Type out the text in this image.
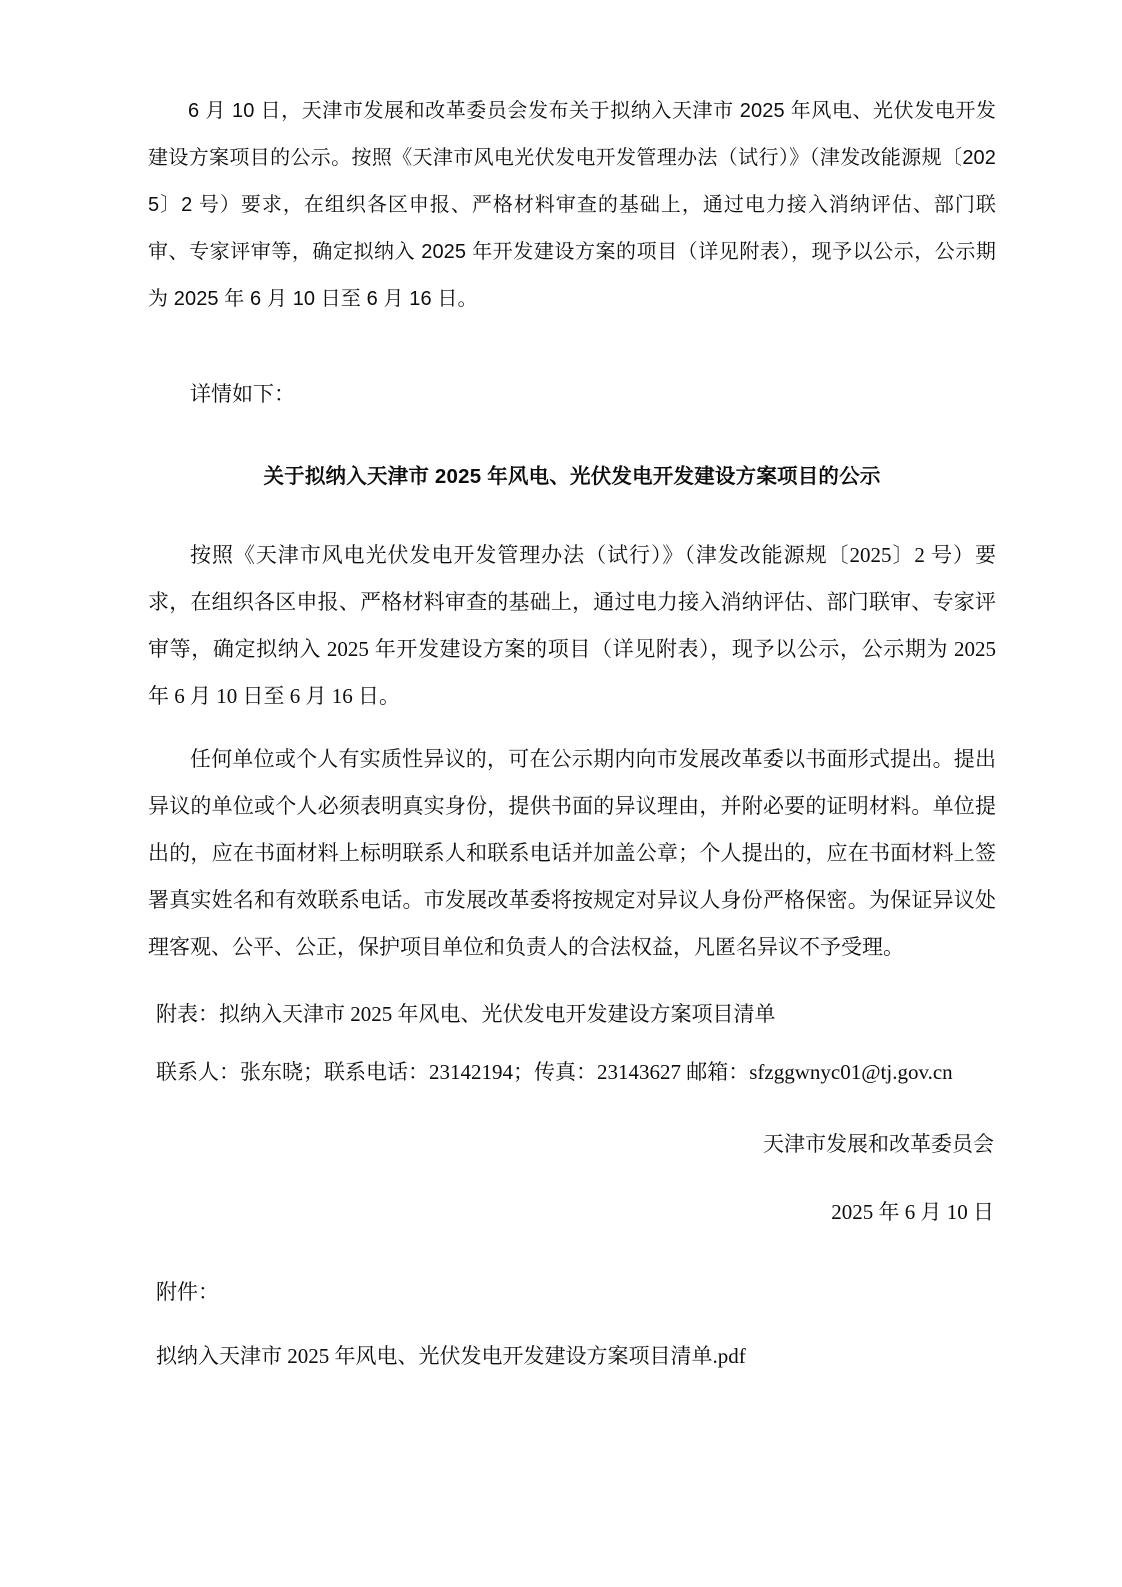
6 月 10 日，天津市发展和改革委员会发布关于拟纳入天津市 2025 年风电、光伏发电开发建设方案项目的公示。按照《天津市风电光伏发电开发管理办法（试行）》（津发改能源规〔2025〕2 号）要求，在组织各区申报、严格材料审查的基础上，通过电力接入消纳评估、部门联审、专家评审等，确定拟纳入 2025 年开发建设方案的项目（详见附表），现予以公示，公示期为 2025 年 6 月 10 日至 6 月 16 日。

详情如下：

关于拟纳入天津市 2025 年风电、光伏发电开发建设方案项目的公示

按照《天津市风电光伏发电开发管理办法（试行）》（津发改能源规〔2025〕2 号）要求，在组织各区申报、严格材料审查的基础上，通过电力接入消纳评估、部门联审、专家评审等，确定拟纳入 2025 年开发建设方案的项目（详见附表），现予以公示，公示期为 2025 年 6 月 10 日至 6 月 16 日。

任何单位或个人有实质性异议的，可在公示期内向市发展改革委以书面形式提出。提出异议的单位或个人必须表明真实身份，提供书面的异议理由，并附必要的证明材料。单位提出的，应在书面材料上标明联系人和联系电话并加盖公章；个人提出的，应在书面材料上签署真实姓名和有效联系电话。市发展改革委将按规定对异议人身份严格保密。为保证异议处理客观、公平、公正，保护项目单位和负责人的合法权益，凡匿名异议不予受理。

附表：拟纳入天津市 2025 年风电、光伏发电开发建设方案项目清单

联系人：张东晓；联系电话：23142194；传真：23143627 邮箱：sfzggwnyc01@tj.gov.cn

天津市发展和改革委员会

2025 年 6 月 10 日

附件：

拟纳入天津市 2025 年风电、光伏发电开发建设方案项目清单.pdf
